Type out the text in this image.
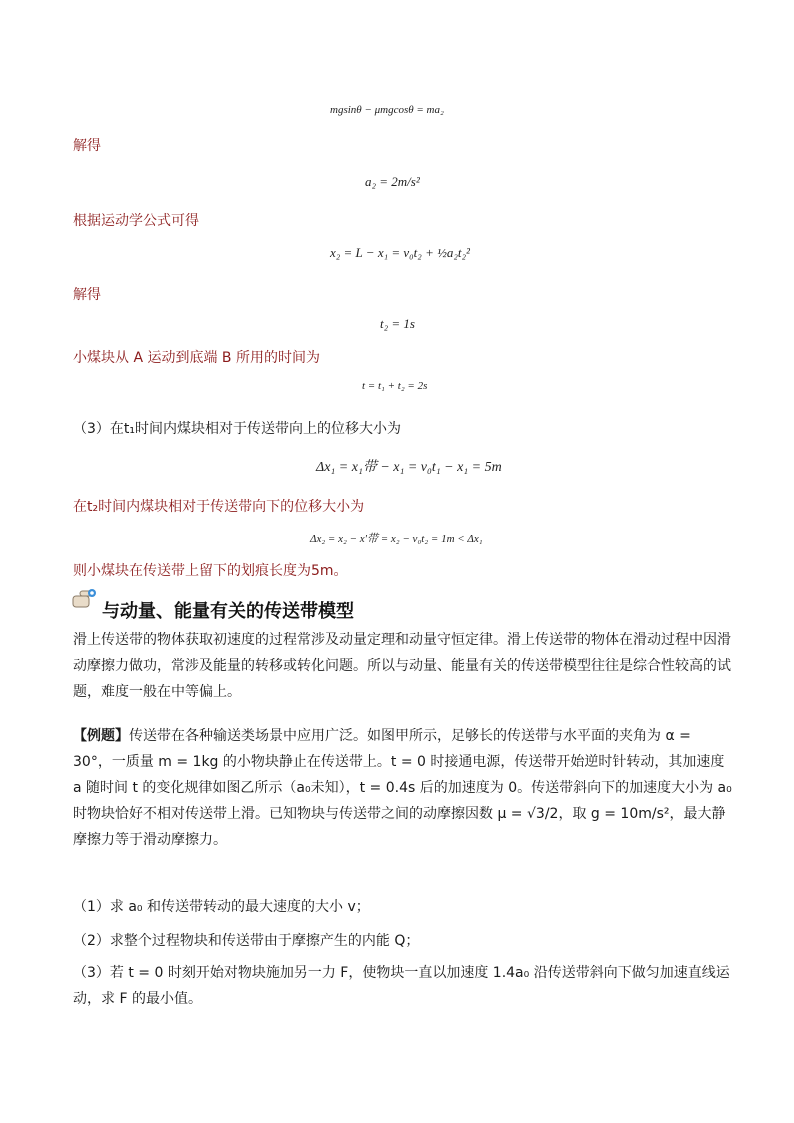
mgsinθ − μmgcosθ = ma₂
解得
a₂ = 2m/s²
根据运动学公式可得
x₂ = L − x₁ = v₀t₂ + ½a₂t₂²
解得
t₂ = 1s
小煤块从 A 运动到底端 B 所用的时间为
t = t₁ + t₂ = 2s
（3）在t₁时间内煤块相对于传送带向上的位移大小为
Δx₁ = x₁带 − x₁ = v₀t₁ − x₁ = 5m
在t₂时间内煤块相对于传送带向下的位移大小为
Δx₂ = x₂ − x′带 = x₂ − v₀t₂ = 1m < Δx₁
则小煤块在传送带上留下的划痕长度为5m。
与动量、能量有关的传送带模型
滑上传送带的物体获取初速度的过程常涉及动量定理和动量守恒定律。滑上传送带的物体在滑动过程中因滑动摩擦力做功，常涉及能量的转移或转化问题。所以与动量、能量有关的传送带模型往往是综合性较高的试题，难度一般在中等偏上。
【例题】传送带在各种输送类场景中应用广泛。如图甲所示，足够长的传送带与水平面的夹角为 α = 30°，一质量 m = 1kg 的小物块静止在传送带上。t = 0 时接通电源，传送带开始逆时针转动，其加速度 a 随时间 t 的变化规律如图乙所示（a₀未知），t = 0.4s 后的加速度为 0。传送带斜向下的加速度大小为 a₀ 时物块恰好不相对传送带上滑。已知物块与传送带之间的动摩擦因数 μ = √3/2，取 g = 10m/s²，最大静摩擦力等于滑动摩擦力。
（1）求 a₀ 和传送带转动的最大速度的大小 v；
（2）求整个过程物块和传送带由于摩擦产生的内能 Q；
（3）若 t = 0 时刻开始对物块施加另一力 F，使物块一直以加速度 1.4a₀ 沿传送带斜向下做匀加速直线运动，求 F 的最小值。
